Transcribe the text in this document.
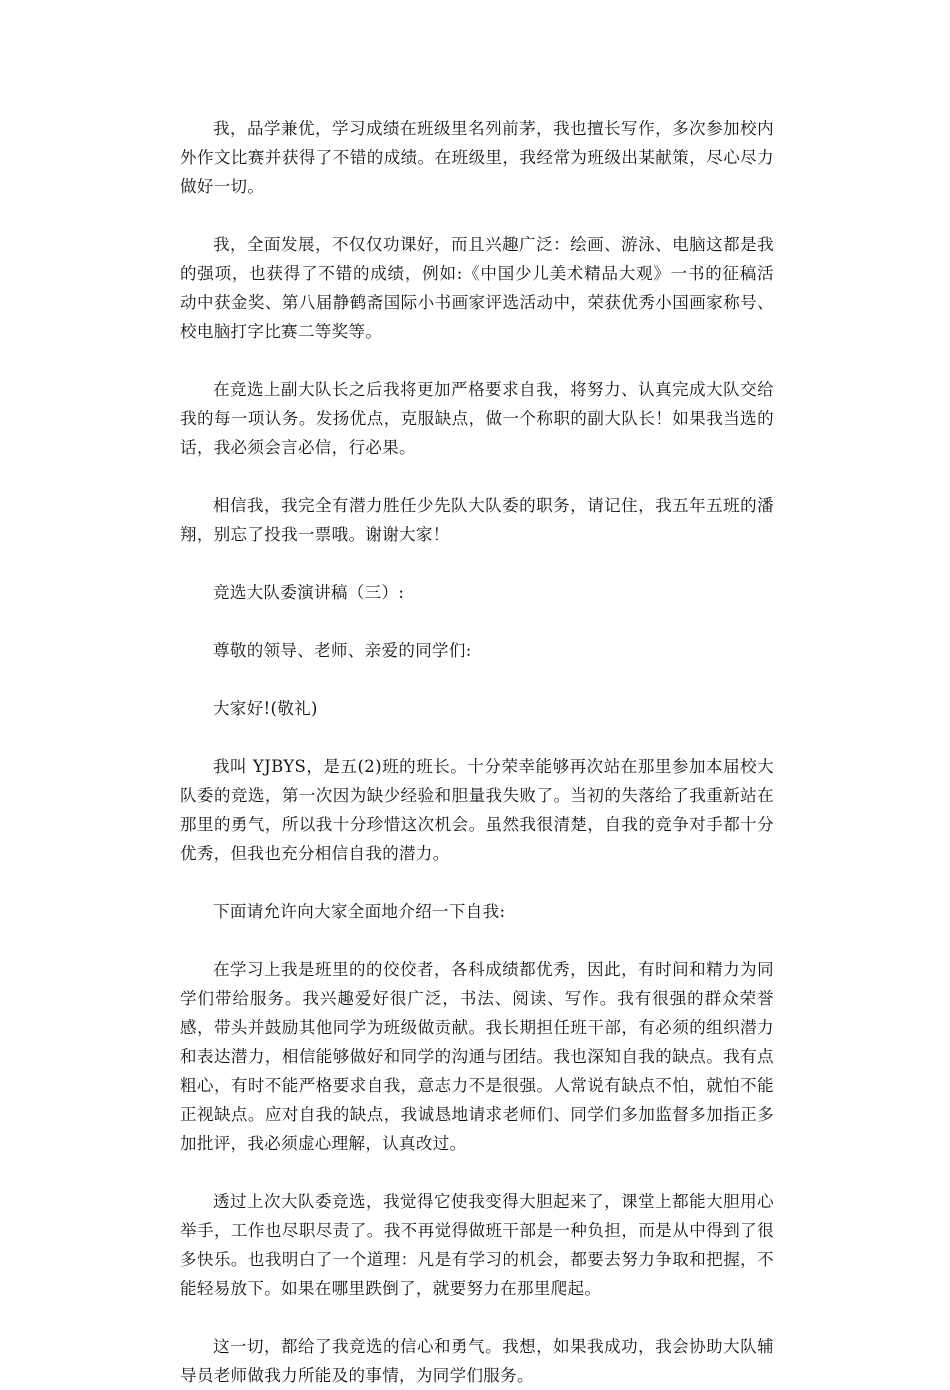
我，品学兼优，学习成绩在班级里名列前茅，我也擅长写作，多次参加校内外作文比赛并获得了不错的成绩。在班级里，我经常为班级出某献策，尽心尽力做好一切。

我，全面发展，不仅仅功课好，而且兴趣广泛：绘画、游泳、电脑这都是我的强项，也获得了不错的成绩，例如:《中国少儿美术精品大观》一书的征稿活动中获金奖、第八届静鹤斋国际小书画家评选活动中，荣获优秀小国画家称号、校电脑打字比赛二等奖等。

在竞选上副大队长之后我将更加严格要求自我，将努力、认真完成大队交给我的每一项认务。发扬优点，克服缺点，做一个称职的副大队长！如果我当选的话，我必须会言必信，行必果。

相信我，我完全有潜力胜任少先队大队委的职务，请记住，我五年五班的潘翔，别忘了投我一票哦。谢谢大家！

竞选大队委演讲稿（三）:

尊敬的领导、老师、亲爱的同学们:

大家好!(敬礼)

我叫 YJBYS，是五(2)班的班长。十分荣幸能够再次站在那里参加本届校大队委的竞选，第一次因为缺少经验和胆量我失败了。当初的失落给了我重新站在那里的勇气，所以我十分珍惜这次机会。虽然我很清楚，自我的竞争对手都十分优秀，但我也充分相信自我的潜力。

下面请允许向大家全面地介绍一下自我:

在学习上我是班里的的佼佼者，各科成绩都优秀，因此，有时间和精力为同学们带给服务。我兴趣爱好很广泛，书法、阅读、写作。我有很强的群众荣誉感，带头并鼓励其他同学为班级做贡献。我长期担任班干部，有必须的组织潜力和表达潜力，相信能够做好和同学的沟通与团结。我也深知自我的缺点。我有点粗心，有时不能严格要求自我，意志力不是很强。人常说有缺点不怕，就怕不能正视缺点。应对自我的缺点，我诚恳地请求老师们、同学们多加监督多加指正多加批评，我必须虚心理解，认真改过。

透过上次大队委竞选，我觉得它使我变得大胆起来了，课堂上都能大胆用心举手，工作也尽职尽责了。我不再觉得做班干部是一种负担，而是从中得到了很多快乐。也我明白了一个道理：凡是有学习的机会，都要去努力争取和把握，不能轻易放下。如果在哪里跌倒了，就要努力在那里爬起。

这一切，都给了我竞选的信心和勇气。我想，如果我成功，我会协助大队辅导员老师做我力所能及的事情，为同学们服务。
